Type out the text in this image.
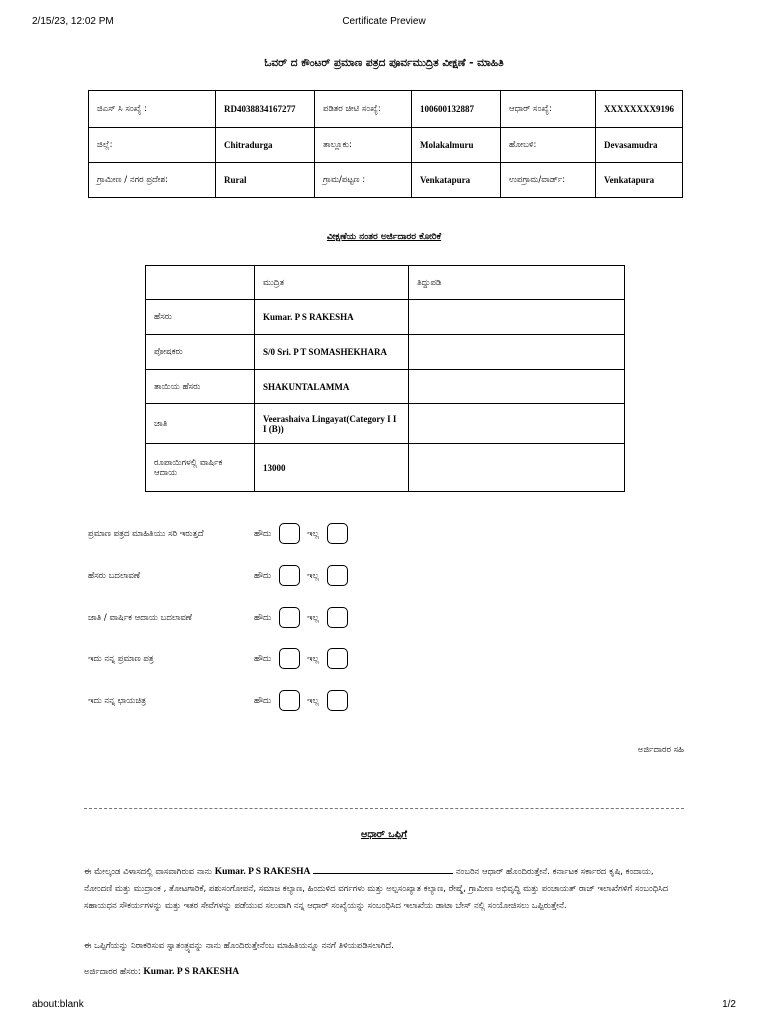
2/15/23, 12:02 PM	Certificate Preview
ಓವರ್ ದ ಕೌಂಟರ್ ಪ್ರಮಾಣ ಪತ್ರದ ಪೂರ್ವಮುದ್ರಿತ ವೀಕ್ಷಣೆ - ಮಾಹಿತಿ
ಜಿಎಸ್ ಸಿ ಸಂಖ್ಯೆ :	RD4038834167277	ಪಡಿತರ ಚೀಟಿ ಸಂಖ್ಯೆ:	100600132887	ಆಧಾರ್ ಸಂಖ್ಯೆ:	XXXXXXXX9196
ಜಿಲ್ಲೆ:	Chitradurga	ತಾಲ್ಲೂಕು:	Molakalmuru	ಹೋಬಳಿ:	Devasamudra
ಗ್ರಾಮೀಣ / ನಗರ ಪ್ರದೇಶ:	Rural	ಗ್ರಾಮ/ಪಟ್ಟಣ :	Venkatapura	ಉಪಗ್ರಾಮ/ವಾರ್ಡ್:	Venkatapura
ವೀಕ್ಷಣೆಯ ನಂತರ ಅರ್ಜಿದಾರರ ಕೋರಿಕೆ
	ಮುದ್ರಿತ	ತಿದ್ದುಪಡಿ
ಹೆಸರು	Kumar. P S RAKESHA	
ಪೋಷಕರು	S/0 Sri. P T SOMASHEKHARA	
ತಾಯಿಯ ಹೆಸರು	SHAKUNTALAMMA	
ಜಾತಿ	Veerashaiva Lingayat(Category I I I (B))	
ರೂಪಾಯಿಗಳಲ್ಲಿ ವಾರ್ಷಿಕ ಆದಾಯ	13000	
ಪ್ರಮಾಣ ಪತ್ರದ ಮಾಹಿತಿಯು ಸರಿ ಇರುತ್ತದೆ	ಹೌದು	ಇಲ್ಲ
ಹೆಸರು ಬದಲಾವಣೆ	ಹೌದು	ಇಲ್ಲ
ಜಾತಿ / ವಾರ್ಷಿಕ ಆದಾಯ ಬದಲಾವಣೆ	ಹೌದು	ಇಲ್ಲ
ಇದು ನನ್ನ ಪ್ರಮಾಣ ಪತ್ರ	ಹೌದು	ಇಲ್ಲ
ಇದು ನನ್ನ ಛಾಯಚಿತ್ರ	ಹೌದು	ಇಲ್ಲ
ಅರ್ಜಿದಾರರ ಸಹಿ
ಆಧಾರ್ ಒಪ್ಪಿಗೆ
ಈ ಮೇಲ್ಕಂಡ ವಿಳಾಸದಲ್ಲಿ ವಾಸವಾಗಿರುವ ನಾನು Kumar. P S RAKESHA	ನಂಬರಿನ ಆಧಾರ್ ಹೊಂದಿರುತ್ತೇನೆ. ಕರ್ನಾಟಕ ಸರ್ಕಾರದ ಕೃಷಿ, ಕಂದಾಯ, ನೋಂದಣಿ ಮತ್ತು ಮುದ್ರಾಂಕ , ತೋಟಗಾರಿಕೆ, ಪಶುಸಂಗೋಪನೆ, ಸಮಾಜ ಕಲ್ಯಾಣ, ಹಿಂದುಳಿದ ವರ್ಗಗಳು ಮತ್ತು ಅಲ್ಪಸಂಖ್ಯಾತ ಕಲ್ಯಾಣ, ರೇಷ್ಮೆ, ಗ್ರಾಮೀಣ ಅಭಿವೃದ್ಧಿ ಮತ್ತು ಪಂಚಾಯತ್ ರಾಜ್ ಇಲಾಖೆಗಳಿಗೆ ಸಂಬಂಧಿಸಿದ ಸಹಾಯಧನ ಸೌಕರ್ಯಗಳನ್ನು ಮತ್ತು ಇತರ ಸೇವೆಗಳನ್ನು ಪಡೆಯುವ ಸಲುವಾಗಿ ನನ್ನ ಆಧಾರ್ ಸಂಖ್ಯೆಯನ್ನು ಸಂಬಂಧಿಸಿದ ಇಲಾಖೆಯ ಡಾಟಾ ಬೇಸ್ ನಲ್ಲಿ ಸಂಯೋಜಿಸಲು ಒಪ್ಪಿರುತ್ತೇನೆ.
ಈ ಒಪ್ಪಿಗೆಯನ್ನು ನಿರಾಕರಿಸುವ ಸ್ವಾತಂತ್ರ್ಯವನ್ನು ನಾನು ಹೊಂದಿರುತ್ತೇನೆಂಬ ಮಾಹಿತಿಯನ್ನೂ ನನಗೆ ತಿಳಿಯಪಡಿಸಲಾಗಿದೆ.
ಅರ್ಜಿದಾರರ ಹೆಸರು: Kumar. P S RAKESHA
about:blank	1/2
